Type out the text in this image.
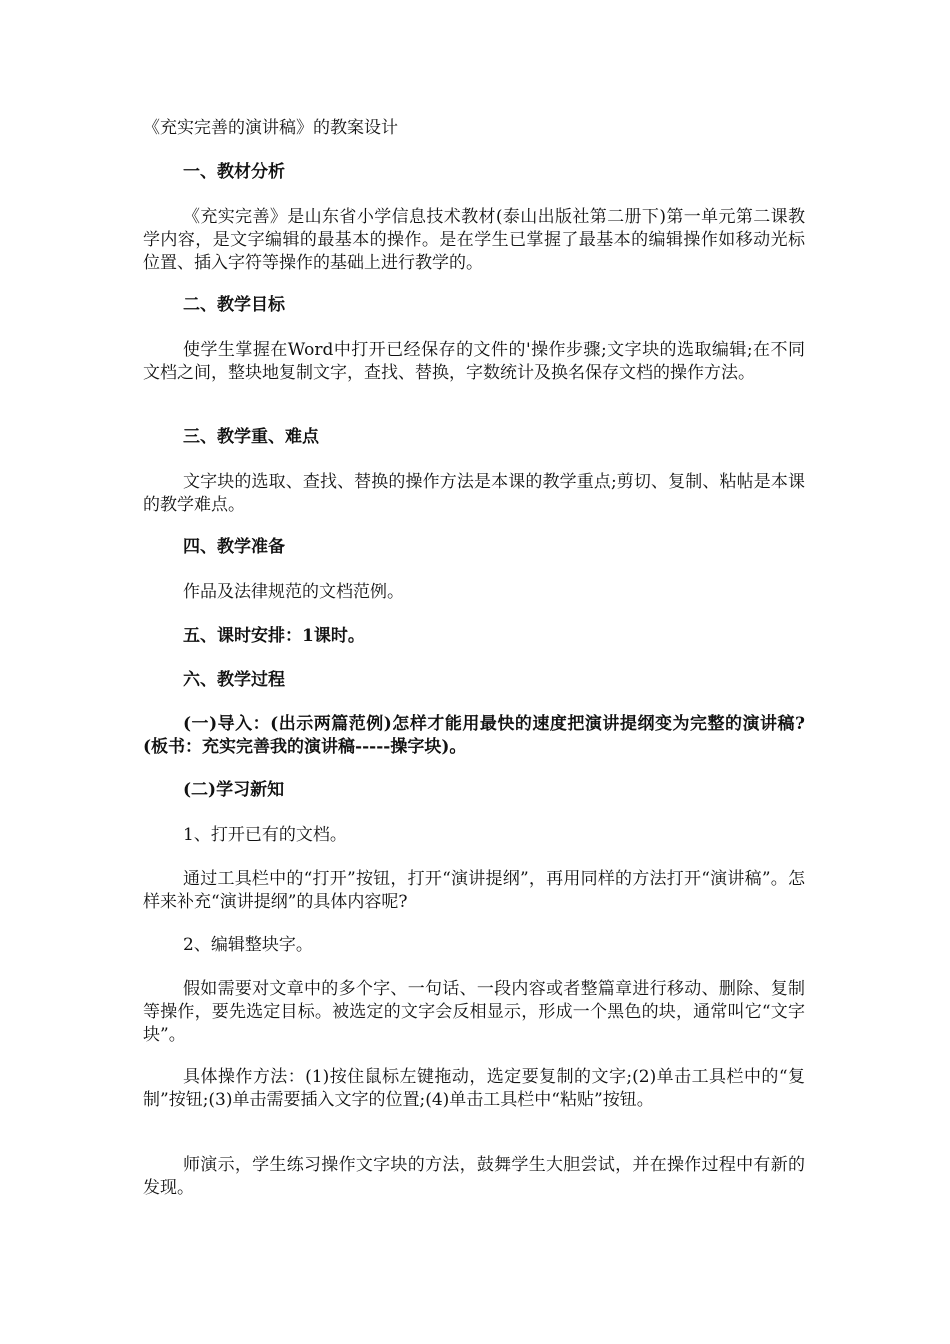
《充实完善的演讲稿》的教案设计
一、教材分析
《充实完善》是山东省小学信息技术教材(泰山出版社第二册下)第一单元第二课教学内容，是文字编辑的最基本的操作。是在学生已掌握了最基本的编辑操作如移动光标位置、插入字符等操作的基础上进行教学的。
二、教学目标
使学生掌握在Word中打开已经保存的文件的'操作步骤;文字块的选取编辑;在不同文档之间，整块地复制文字，查找、替换，字数统计及换名保存文档的操作方法。
三、教学重、难点
文字块的选取、查找、替换的操作方法是本课的教学重点;剪切、复制、粘帖是本课的教学难点。
四、教学准备
作品及法律规范的文档范例。
五、课时安排：1课时。
六、教学过程
(一)导入：(出示两篇范例)怎样才能用最快的速度把演讲提纲变为完整的演讲稿?(板书：充实完善我的演讲稿-----操字块)。
(二)学习新知
1、打开已有的文档。
通过工具栏中的“打开”按钮，打开“演讲提纲”，再用同样的方法打开“演讲稿”。怎样来补充“演讲提纲”的具体内容呢?
2、编辑整块字。
假如需要对文章中的多个字、一句话、一段内容或者整篇章进行移动、删除、复制等操作，要先选定目标。被选定的文字会反相显示，形成一个黑色的块，通常叫它“文字块”。
具体操作方法：(1)按住鼠标左键拖动，选定要复制的文字;(2)单击工具栏中的“复制”按钮;(3)单击需要插入文字的位置;(4)单击工具栏中“粘贴”按钮。
师演示，学生练习操作文字块的方法，鼓舞学生大胆尝试，并在操作过程中有新的发现。
